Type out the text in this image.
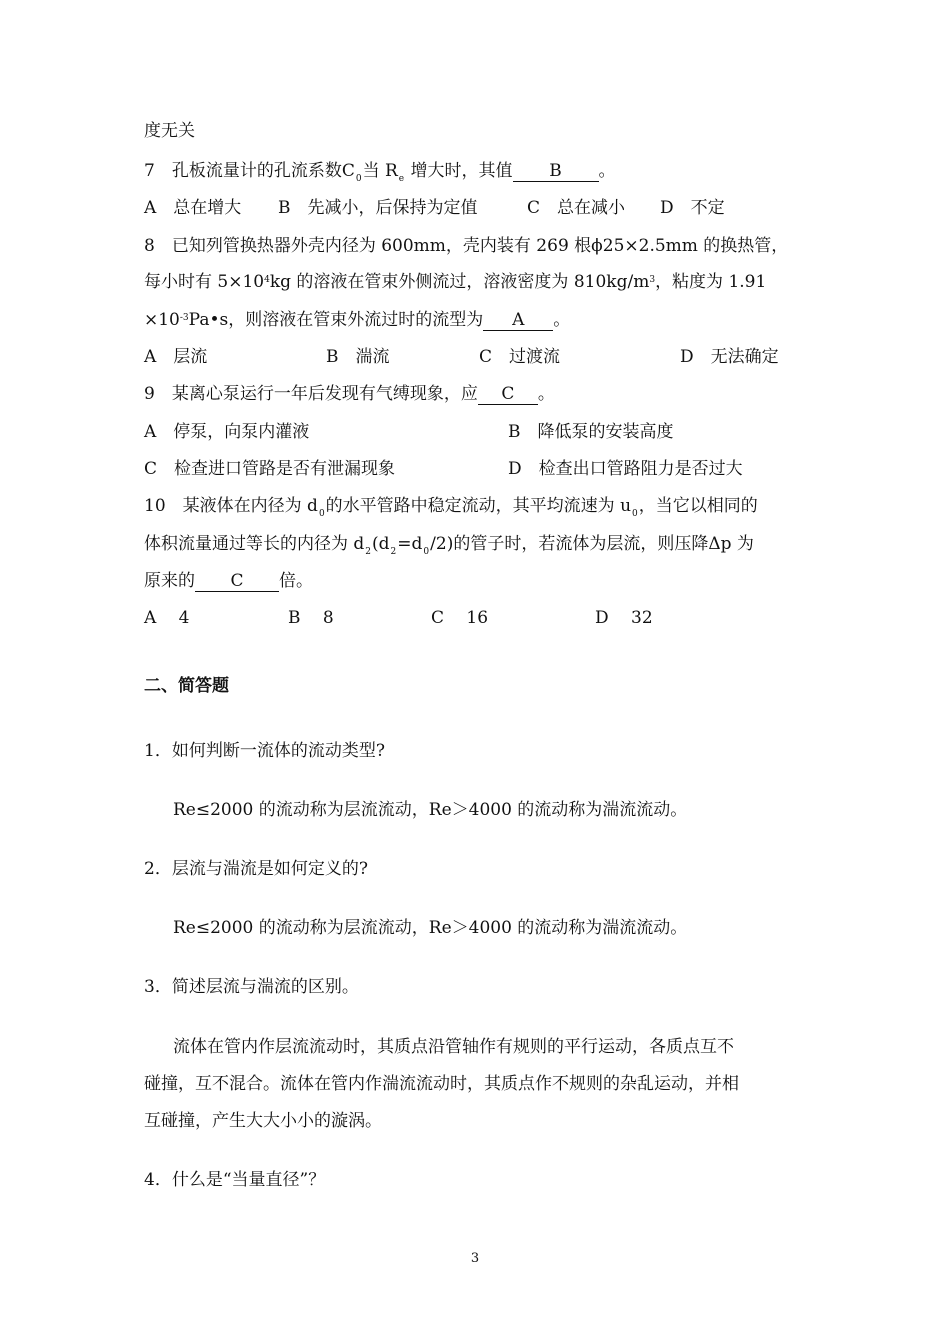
度无关
7　 孔板流量计的孔流系数$C_0$当 $R_e$ 增大时，其值 B 。
A　总在增大 B　先减小，后保持为定值	C　总在减小 D　不定
8　已知列管换热器外壳内径为 600mm，壳内装有 269 根ϕ25×2.5mm 的换热管，
每小时有 $5\times 10^4kg$ 的溶液在管束外侧流过，溶液密度为 $810kg/m^3$，粘度为 1.91
$\times 10^{-3}Pa•s$，则溶液在管束外流过时的流型为 A 。
A　层流	B　湍流	C　过渡流	D　无法确定
9　某离心泵运行一年后发现有气缚现象，应 C 。
A　停泵，向泵内灌液	B　降低泵的安装高度
C　检查进口管路是否有泄漏现象	D　检查出口管路阻力是否过大
10　某液体在内径为 $d_0$的水平管路中稳定流动，其平均流速为 $u_0$，当它以相同的
体积流量通过等长的内径为 $d_2(d_2=d_0/2)$的管子时，若流体为层流，则压降Δp 为
原来的 C 倍。
A　 4	B　 8	C　 16	D　 32
二、简答题
1．如何判断一流体的流动类型?
Re≤2000 的流动称为层流流动，Re＞4000 的流动称为湍流流动。
2．层流与湍流是如何定义的?
Re≤2000 的流动称为层流流动，Re＞4000 的流动称为湍流流动。
3．简述层流与湍流的区别。
流体在管内作层流流动时，其质点沿管轴作有规则的平行运动，各质点互不
碰撞，互不混合。流体在管内作湍流流动时，其质点作不规则的杂乱运动，并相
互碰撞，产生大大小小的漩涡。
4．什么是“当量直径”？
3
